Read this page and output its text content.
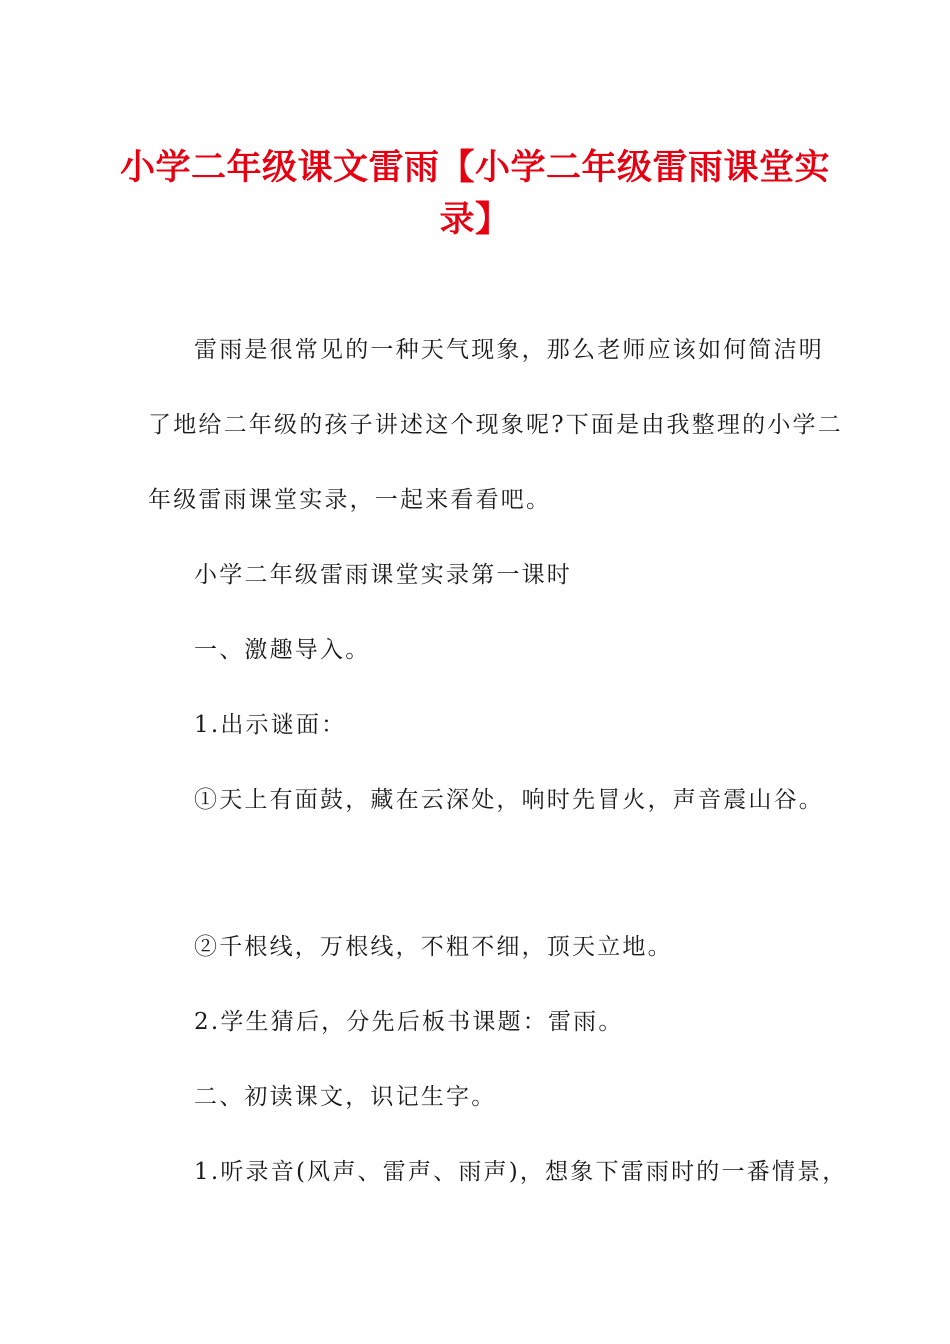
小学二年级课文雷雨【小学二年级雷雨课堂实录】

雷雨是很常见的一种天气现象，那么老师应该如何简洁明

了地给二年级的孩子讲述这个现象呢?下面是由我整理的小学二

年级雷雨课堂实录，一起来看看吧。

小学二年级雷雨课堂实录第一课时

一、激趣导入。

1.出示谜面：

①天上有面鼓，藏在云深处，响时先冒火，声音震山谷。

②千根线，万根线，不粗不细，顶天立地。

2.学生猜后，分先后板书课题：雷雨。

二、初读课文，识记生字。

1.听录音(风声、雷声、雨声)，想象下雷雨时的一番情景，
